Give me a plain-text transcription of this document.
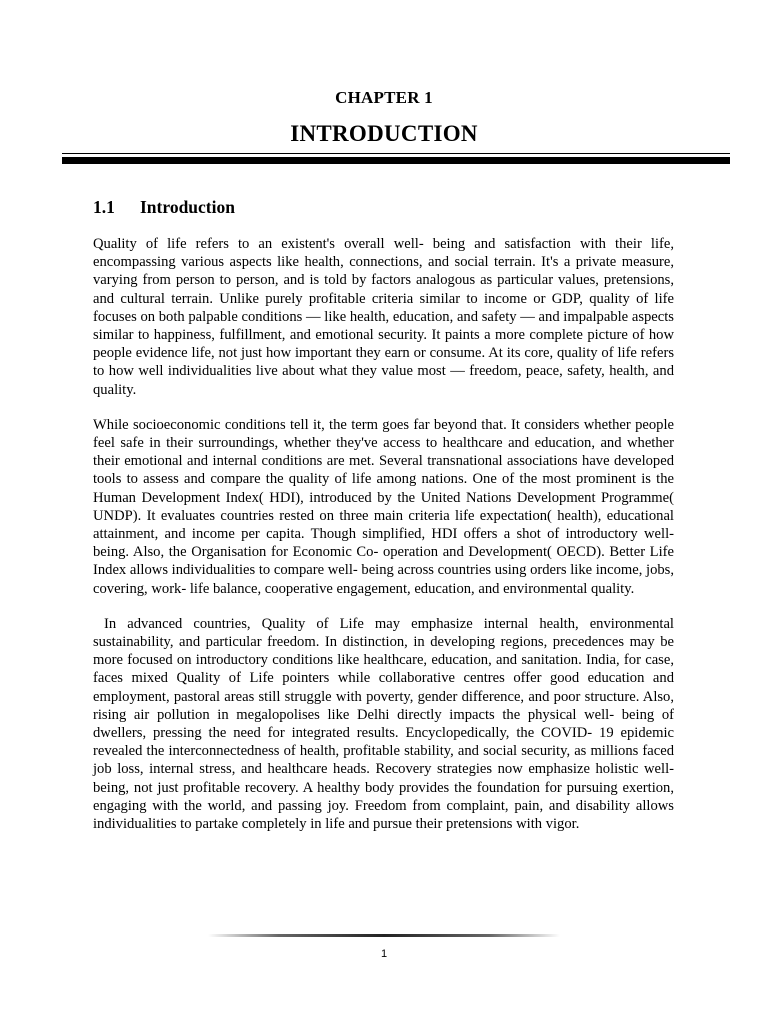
CHAPTER 1
INTRODUCTION
1.1 Introduction

Quality of life refers to an existent's overall well- being and satisfaction with their life, encompassing various aspects like health, connections, and social terrain. It's a private measure, varying from person to person, and is told by factors analogous as particular values, pretensions, and cultural terrain. Unlike purely profitable criteria similar to income or GDP, quality of life focuses on both palpable conditions — like health, education, and safety — and impalpable aspects similar to happiness, fulfillment, and emotional security. It paints a more complete picture of how people evidence life, not just how important they earn or consume. At its core, quality of life refers to how well individualities live about what they value most — freedom, peace, safety, health, and quality.

While socioeconomic conditions tell it, the term goes far beyond that. It considers whether people feel safe in their surroundings, whether they've access to healthcare and education, and whether their emotional and internal conditions are met. Several transnational associations have developed tools to assess and compare the quality of life among nations. One of the most prominent is the Human Development Index( HDI), introduced by the United Nations Development Programme( UNDP). It evaluates countries rested on three main criteria life expectation( health), educational attainment, and income per capita. Though simplified, HDI offers a shot of introductory well- being. Also, the Organisation for Economic Co- operation and Development( OECD). Better Life Index allows individualities to compare well- being across countries using orders like income, jobs, covering, work- life balance, cooperative engagement, education, and environmental quality.

In advanced countries, Quality of Life may emphasize internal health, environmental sustainability, and particular freedom. In distinction, in developing regions, precedences may be more focused on introductory conditions like healthcare, education, and sanitation. India, for case, faces mixed Quality of Life pointers while collaborative centres offer good education and employment, pastoral areas still struggle with poverty, gender difference, and poor structure. Also, rising air pollution in megalopolises like Delhi directly impacts the physical well- being of dwellers, pressing the need for integrated results. Encyclopedically, the COVID- 19 epidemic revealed the interconnectedness of health, profitable stability, and social security, as millions faced job loss, internal stress, and healthcare heads. Recovery strategies now emphasize holistic well- being, not just profitable recovery. A healthy body provides the foundation for pursuing exertion, engaging with the world, and passing joy. Freedom from complaint, pain, and disability allows individualities to partake completely in life and pursue their pretensions with vigor.

1
